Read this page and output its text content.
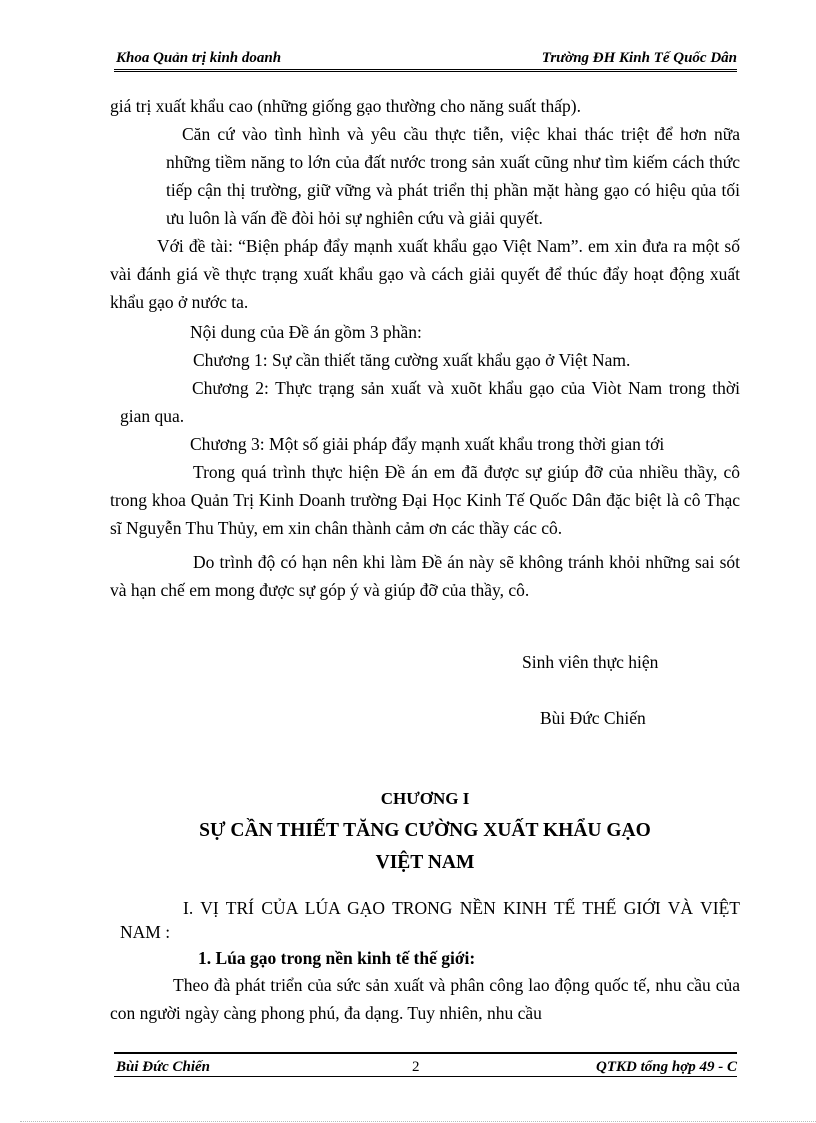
Khoa Quản trị kinh doanh	Trường ĐH Kinh Tế Quốc Dân

giá trị xuất khẩu cao (những giống gạo thường cho năng suất thấp).

Căn cứ vào tình hình và yêu cầu thực tiễn, việc khai thác triệt để hơn nữa những tiềm năng to lớn của đất nước trong sản xuất cũng như tìm kiếm cách thức tiếp cận thị trường, giữ vững và phát triển thị phần mặt hàng gạo có hiệu qủa tối ưu luôn là vấn đề đòi hỏi sự nghiên cứu và giải quyết.

Với đề tài: “Biện pháp đẩy mạnh xuất khẩu gạo Việt Nam”. em xin đưa ra một số vài đánh giá về thực trạng xuất khẩu gạo và cách giải quyết để thúc đẩy hoạt động xuất khẩu gạo ở nước ta.

Nội dung của Đề án gồm 3 phần:

Chương 1: Sự cần thiết tăng cường xuất khẩu gạo ở Việt Nam.

Chương 2: Thực trạng sản xuất và xuõt khẩu gạo của Viòt Nam trong thời gian qua.

Chương 3: Một số giải pháp đẩy mạnh xuất khẩu trong thời gian tới

Trong quá trình thực hiện Đề án em đã được sự giúp đỡ của nhiều thầy, cô trong khoa Quản Trị Kinh Doanh trường Đại Học Kinh Tế Quốc Dân đặc biệt là cô Thạc sĩ Nguyễn Thu Thủy, em xin chân thành cảm ơn các thầy các cô.

Do trình độ có hạn nên khi làm Đề án này sẽ không tránh khỏi những sai sót và hạn chế em mong được sự góp ý và giúp đỡ của thầy, cô.

Sinh viên thực hiện
Bùi Đức Chiến
CHƯƠNG I
SỰ CẦN THIẾT TĂNG CƯỜNG XUẤT KHẨU GẠO
VIỆT NAM
I. VỊ TRÍ CỦA LÚA GẠO TRONG NỀN KINH TẾ THẾ GIỚI VÀ VIỆT NAM :
1. Lúa gạo trong nền kinh tế thế giới:
Theo đà phát triển của sức sản xuất và phân công lao động quốc tế, nhu cầu của con người ngày càng phong phú, đa dạng. Tuy nhiên, nhu cầu
Bùi Đức Chiến	2	QTKD tổng hợp 49 - C
